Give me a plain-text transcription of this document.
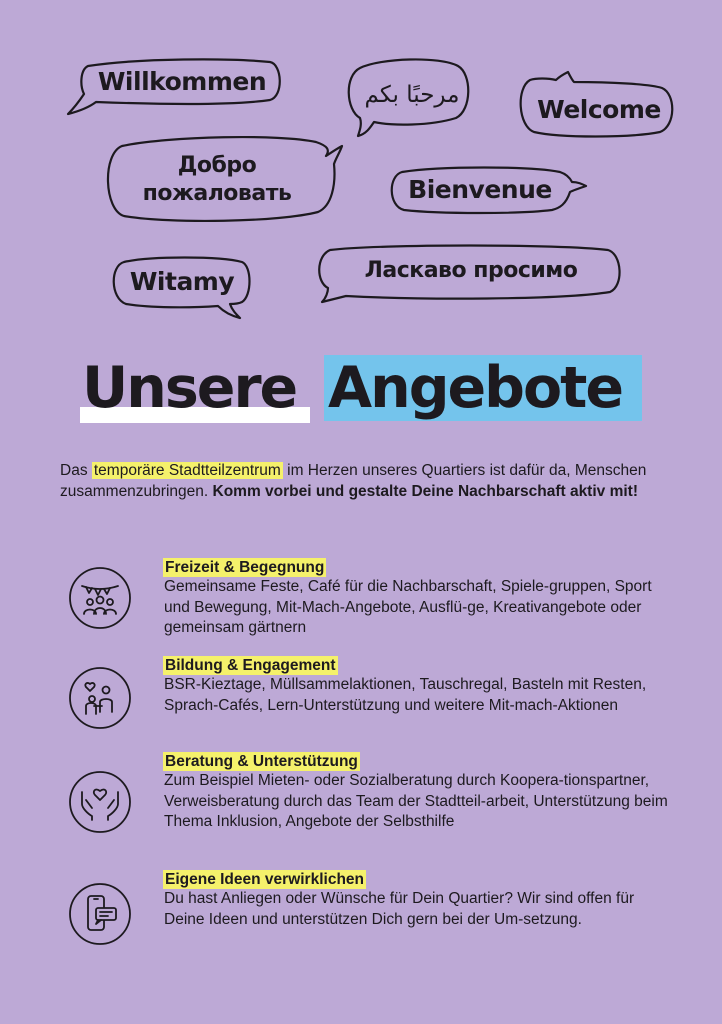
Willkommen	مرحبًا بكم	Welcome
Добро
пожаловать	Bienvenue
Witamy	Ласкаво просимо
Unsere Angebote
Das temporäre Stadtteilzentrum im Herzen unseres Quartiers ist dafür da, Menschen zusammenzubringen. Komm vorbei und gestalte Deine Nachbarschaft aktiv mit!
Freizeit & Begegnung
Gemeinsame Feste, Café für die Nachbarschaft, Spiele-gruppen, Sport und Bewegung, Mit-Mach-Angebote, Ausflü-ge, Kreativangebote oder gemeinsam gärtnern
Bildung & Engagement
BSR-Kieztage, Müllsammelaktionen, Tauschregal, Basteln mit Resten, Sprach-Cafés, Lern-Unterstützung und weitere Mit-mach-Aktionen
Beratung & Unterstützung
Zum Beispiel Mieten- oder Sozialberatung durch Koopera-tionspartner, Verweisberatung durch das Team der Stadtteil-arbeit, Unterstützung beim Thema Inklusion, Angebote der Selbsthilfe
Eigene Ideen verwirklichen
Du hast Anliegen oder Wünsche für Dein Quartier? Wir sind offen für Deine Ideen und unterstützen Dich gern bei der Um-setzung.
